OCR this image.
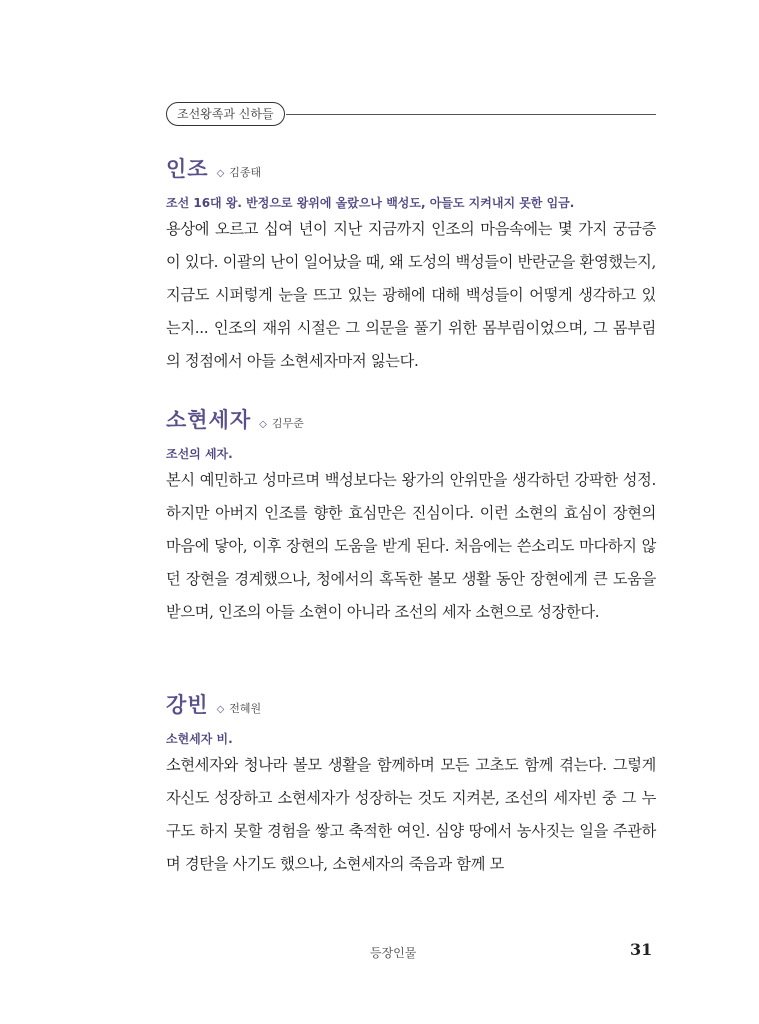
조선왕족과 신하들
인조 ◇ 김종태
조선 16대 왕. 반정으로 왕위에 올랐으나 백성도, 아들도 지켜내지 못한 임금.

용상에 오르고 십여 년이 지난 지금까지 인조의 마음속에는 몇 가지 궁금증이 있다. 이괄의 난이 일어났을 때, 왜 도성의 백성들이 반란군을 환영했는지, 지금도 시퍼렇게 눈을 뜨고 있는 광해에 대해 백성들이 어떻게 생각하고 있는지... 인조의 재위 시절은 그 의문을 풀기 위한 몸부림이었으며, 그 몸부림의 정점에서 아들 소현세자마저 잃는다.

소현세자 ◇ 김무준
조선의 세자.

본시 예민하고 성마르며 백성보다는 왕가의 안위만을 생각하던 강팍한 성정. 하지만 아버지 인조를 향한 효심만은 진심이다. 이런 소현의 효심이 장현의 마음에 닿아, 이후 장현의 도움을 받게 된다. 처음에는 쓴소리도 마다하지 않던 장현을 경계했으나, 청에서의 혹독한 볼모 생활 동안 장현에게 큰 도움을 받으며, 인조의 아들 소현이 아니라 조선의 세자 소현으로 성장한다.

강빈 ◇ 전혜원
소현세자 비.

소현세자와 청나라 볼모 생활을 함께하며 모든 고초도 함께 겪는다. 그렇게 자신도 성장하고 소현세자가 성장하는 것도 지켜본, 조선의 세자빈 중 그 누구도 하지 못할 경험을 쌓고 축적한 여인. 심양 땅에서 농사짓는 일을 주관하며 경탄을 사기도 했으나, 소현세자의 죽음과 함께 모

등장인물	31
